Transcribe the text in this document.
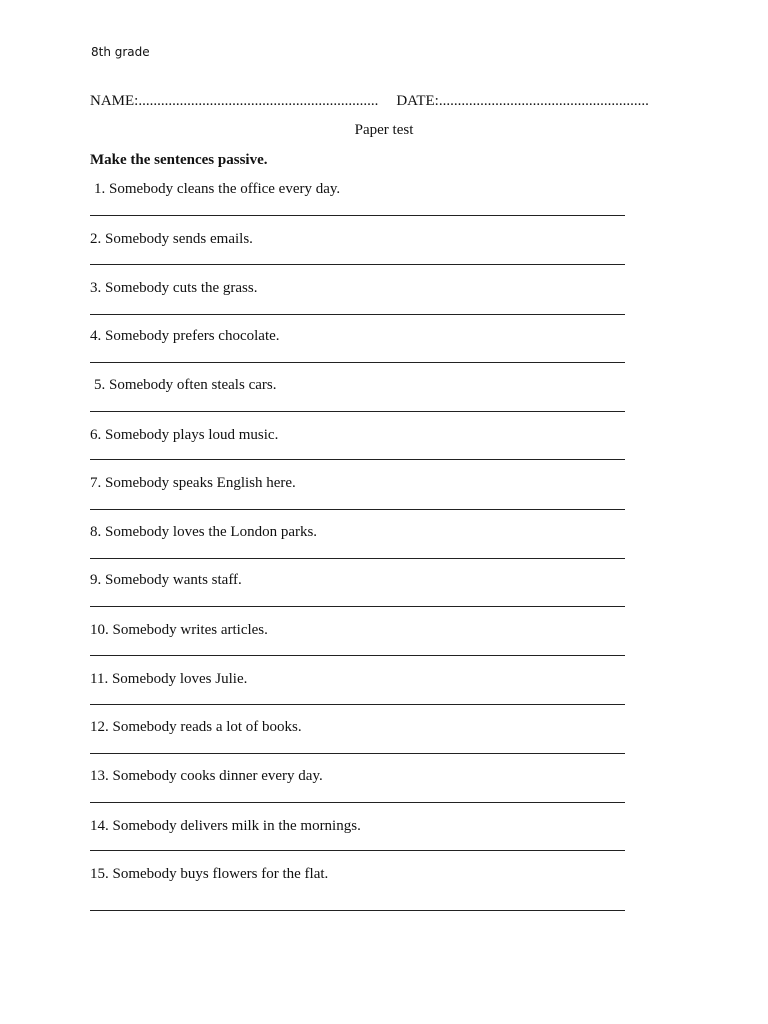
8th grade
NAME:................................................................ DATE:........................................................
Paper test
Make the sentences passive.
1. Somebody cleans the office every day.
2. Somebody sends emails.
3. Somebody cuts the grass.
4. Somebody prefers chocolate.
5. Somebody often steals cars.
6. Somebody plays loud music.
7. Somebody speaks English here.
8. Somebody loves the London parks.
9. Somebody wants staff.
10. Somebody writes articles.
11. Somebody loves Julie.
12. Somebody reads a lot of books.
13. Somebody cooks dinner every day.
14. Somebody delivers milk in the mornings.
15. Somebody buys flowers for the flat.
